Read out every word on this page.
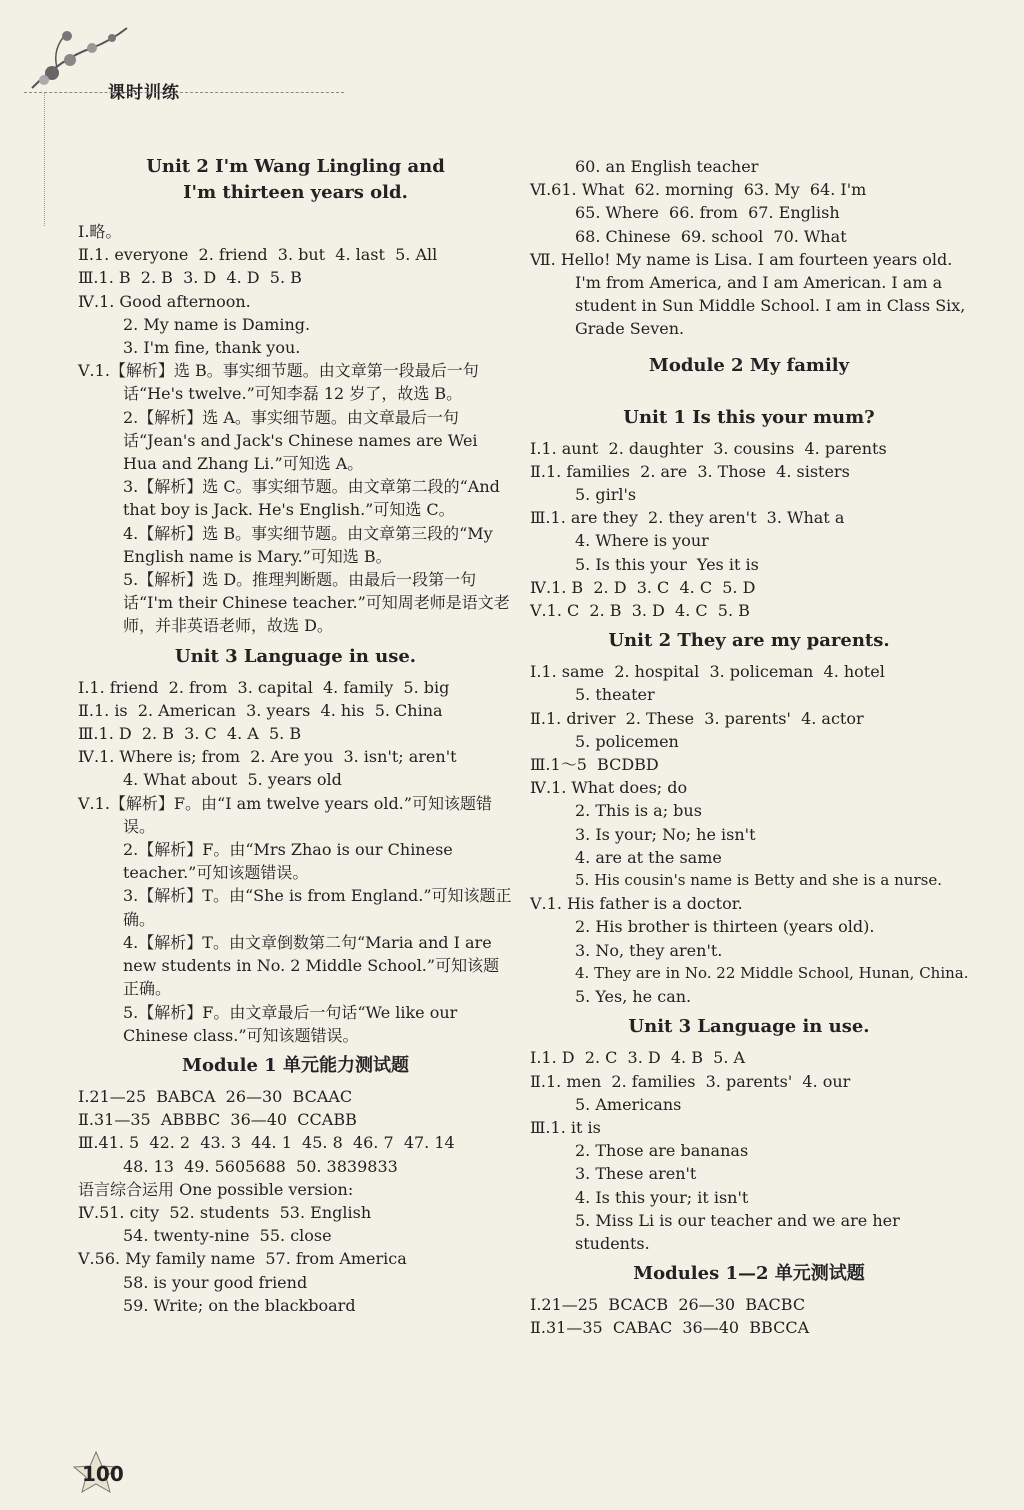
课时训练
Unit 2 I'm Wang Lingling and
I'm thirteen years old.
Ⅰ.略。
Ⅱ.1. everyone  2. friend  3. but  4. last  5. All
Ⅲ.1. B  2. B  3. D  4. D  5. B
Ⅳ.1. Good afternoon.
2. My name is Daming.
3. I'm fine, thank you.
Ⅴ.1.【解析】选 B。事实细节题。由文章第一段最后一句话“He's twelve.”可知李磊 12 岁了，故选 B。
2.【解析】选 A。事实细节题。由文章最后一句话“Jean's and Jack's Chinese names are Wei Hua and Zhang Li.”可知选 A。
3.【解析】选 C。事实细节题。由文章第二段的“And that boy is Jack. He's English.”可知选 C。
4.【解析】选 B。事实细节题。由文章第三段的“My English name is Mary.”可知选 B。
5.【解析】选 D。推理判断题。由最后一段第一句话“I'm their Chinese teacher.”可知周老师是语文老师，并非英语老师，故选 D。
Unit 3 Language in use.
Ⅰ.1. friend  2. from  3. capital  4. family  5. big
Ⅱ.1. is  2. American  3. years  4. his  5. China
Ⅲ.1. D  2. B  3. C  4. A  5. B
Ⅳ.1. Where is; from  2. Are you  3. isn't; aren't
4. What about  5. years old
Ⅴ.1.【解析】F。由“I am twelve years old.”可知该题错误。
2.【解析】F。由“Mrs Zhao is our Chinese teacher.”可知该题错误。
3.【解析】T。由“She is from England.”可知该题正确。
4.【解析】T。由文章倒数第二句“Maria and I are new students in No. 2 Middle School.”可知该题正确。
5.【解析】F。由文章最后一句话“We like our Chinese class.”可知该题错误。
Module 1 单元能力测试题
Ⅰ.21—25  BABCA  26—30  BCAAC
Ⅱ.31—35  ABBBC  36—40  CCABB
Ⅲ.41. 5  42. 2  43. 3  44. 1  45. 8  46. 7  47. 14
48. 13  49. 5605688  50. 3839833
语言综合运用 One possible version:
Ⅳ.51. city  52. students  53. English
54. twenty-nine  55. close
Ⅴ.56. My family name  57. from America
58. is your good friend
59. Write; on the blackboard
60. an English teacher
Ⅵ.61. What  62. morning  63. My  64. I'm
65. Where  66. from  67. English
68. Chinese  69. school  70. What
Ⅶ. Hello! My name is Lisa. I am fourteen years old. I'm from America, and I am American. I am a student in Sun Middle School. I am in Class Six, Grade Seven.
Module 2 My family
Unit 1 Is this your mum?
Ⅰ.1. aunt  2. daughter  3. cousins  4. parents
Ⅱ.1. families  2. are  3. Those  4. sisters
5. girl's
Ⅲ.1. are they  2. they aren't  3. What a
4. Where is your
5. Is this your  Yes it is
Ⅳ.1. B  2. D  3. C  4. C  5. D
Ⅴ.1. C  2. B  3. D  4. C  5. B
Unit 2 They are my parents.
Ⅰ.1. same  2. hospital  3. policeman  4. hotel
5. theater
Ⅱ.1. driver  2. These  3. parents'  4. actor
5. policemen
Ⅲ.1～5  BCDBD
Ⅳ.1. What does; do
2. This is a; bus
3. Is your; No; he isn't
4. are at the same
5. His cousin's name is Betty and she is a nurse.
Ⅴ.1. His father is a doctor.
2. His brother is thirteen (years old).
3. No, they aren't.
4. They are in No. 22 Middle School, Hunan, China.
5. Yes, he can.
Unit 3 Language in use.
Ⅰ.1. D  2. C  3. D  4. B  5. A
Ⅱ.1. men  2. families  3. parents'  4. our
5. Americans
Ⅲ.1. it is
2. Those are bananas
3. These aren't
4. Is this your; it isn't
5. Miss Li is our teacher and we are her students.
Modules 1—2 单元测试题
Ⅰ.21—25  BCACB  26—30  BACBC
Ⅱ.31—35  CABAC  36—40  BBCCA
100
